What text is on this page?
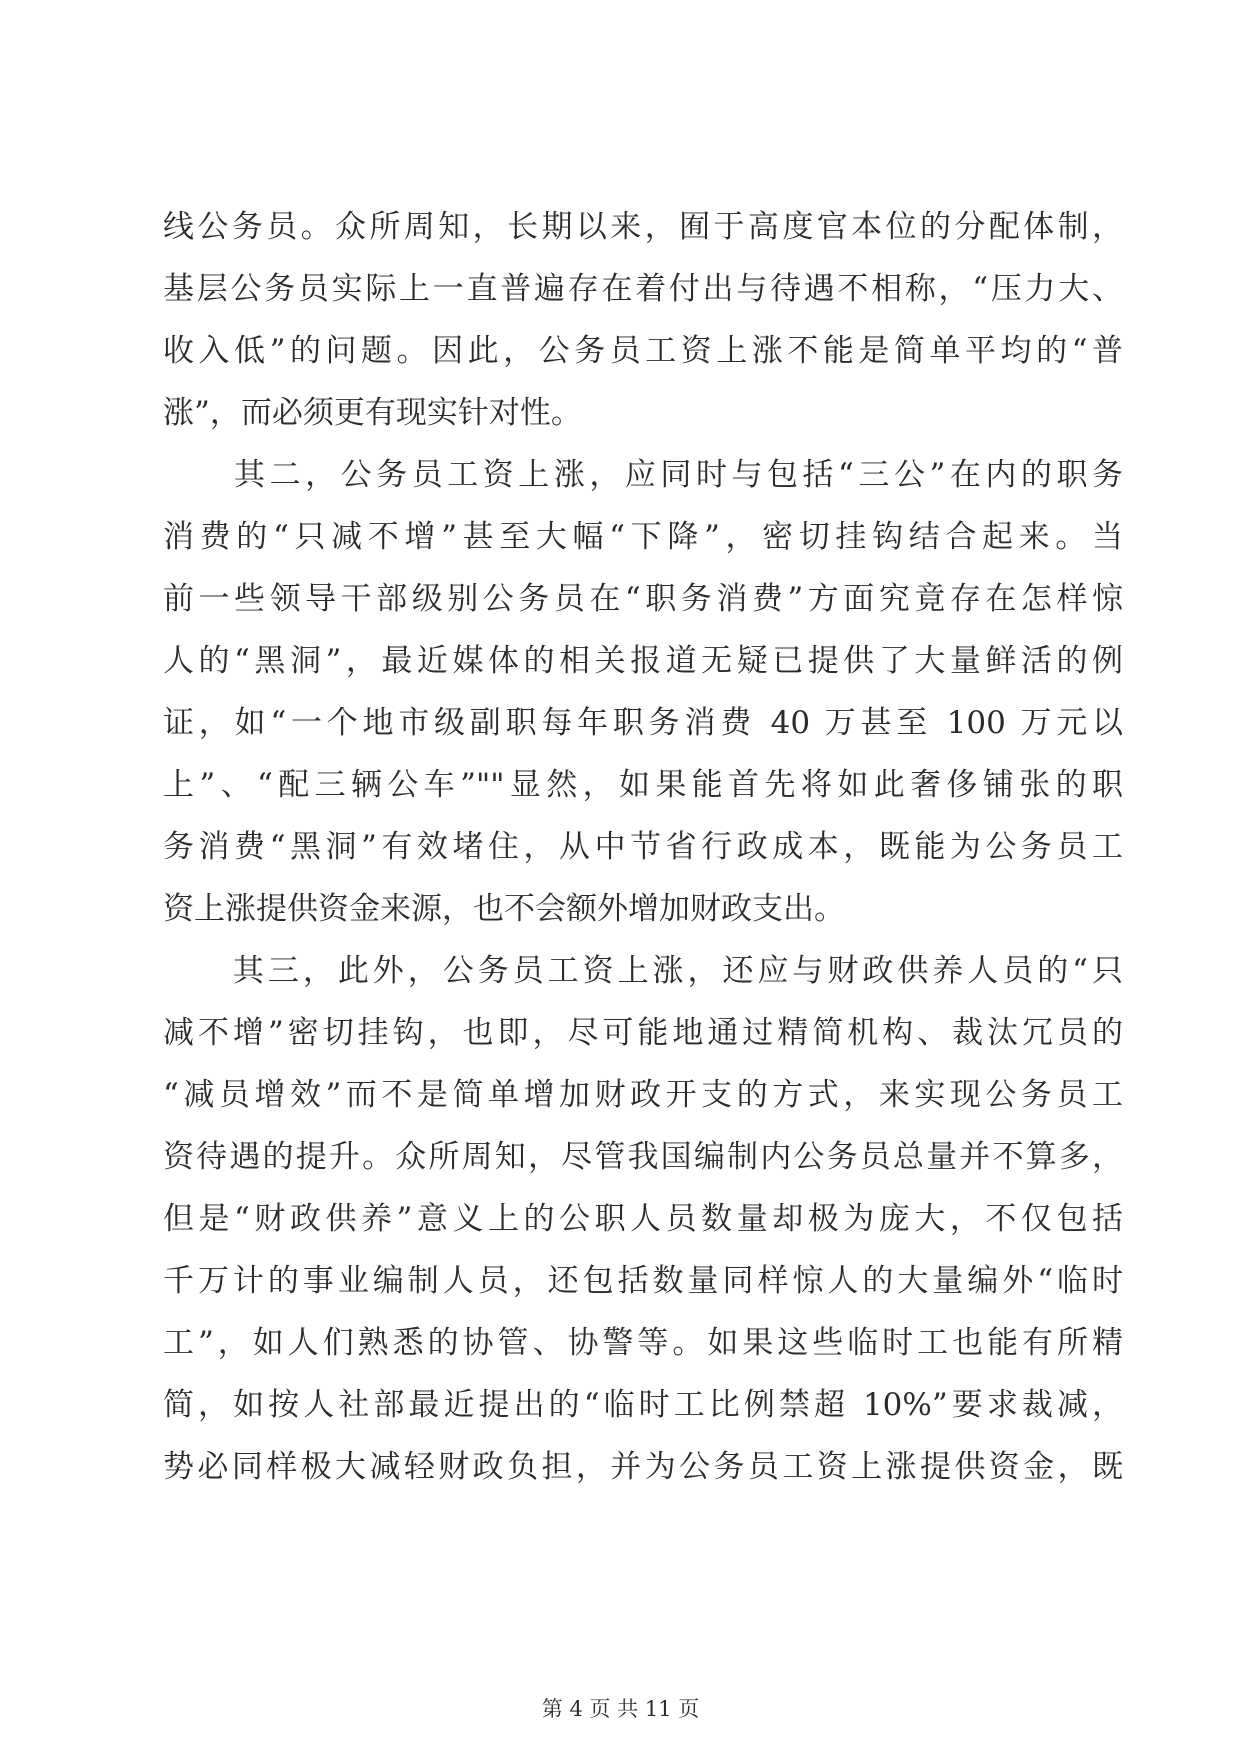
线公务员。众所周知，长期以来，囿于高度官本位的分配体制，
基层公务员实际上一直普遍存在着付出与待遇不相称，“压力大、
收入低”的问题。因此，公务员工资上涨不能是简单平均的“普
涨”，而必须更有现实针对性。
　　其二，公务员工资上涨，应同时与包括“三公”在内的职务
消费的“只减不增”甚至大幅“下降”，密切挂钩结合起来。当
前一些领导干部级别公务员在“职务消费”方面究竟存在怎样惊
人的“黑洞”，最近媒体的相关报道无疑已提供了大量鲜活的例
证，如“一个地市级副职每年职务消费 40 万甚至 100 万元以
上”、“配三辆公车”""显然，如果能首先将如此奢侈铺张的职
务消费“黑洞”有效堵住，从中节省行政成本，既能为公务员工
资上涨提供资金来源，也不会额外增加财政支出。
　　其三，此外，公务员工资上涨，还应与财政供养人员的“只
减不增”密切挂钩，也即，尽可能地通过精简机构、裁汰冗员的
“减员增效”而不是简单增加财政开支的方式，来实现公务员工
资待遇的提升。众所周知，尽管我国编制内公务员总量并不算多，
但是“财政供养”意义上的公职人员数量却极为庞大，不仅包括
千万计的事业编制人员，还包括数量同样惊人的大量编外“临时
工”，如人们熟悉的协管、协警等。如果这些临时工也能有所精
简，如按人社部最近提出的“临时工比例禁超 10%”要求裁减，
势必同样极大减轻财政负担，并为公务员工资上涨提供资金，既
第 4 页 共 11 页
